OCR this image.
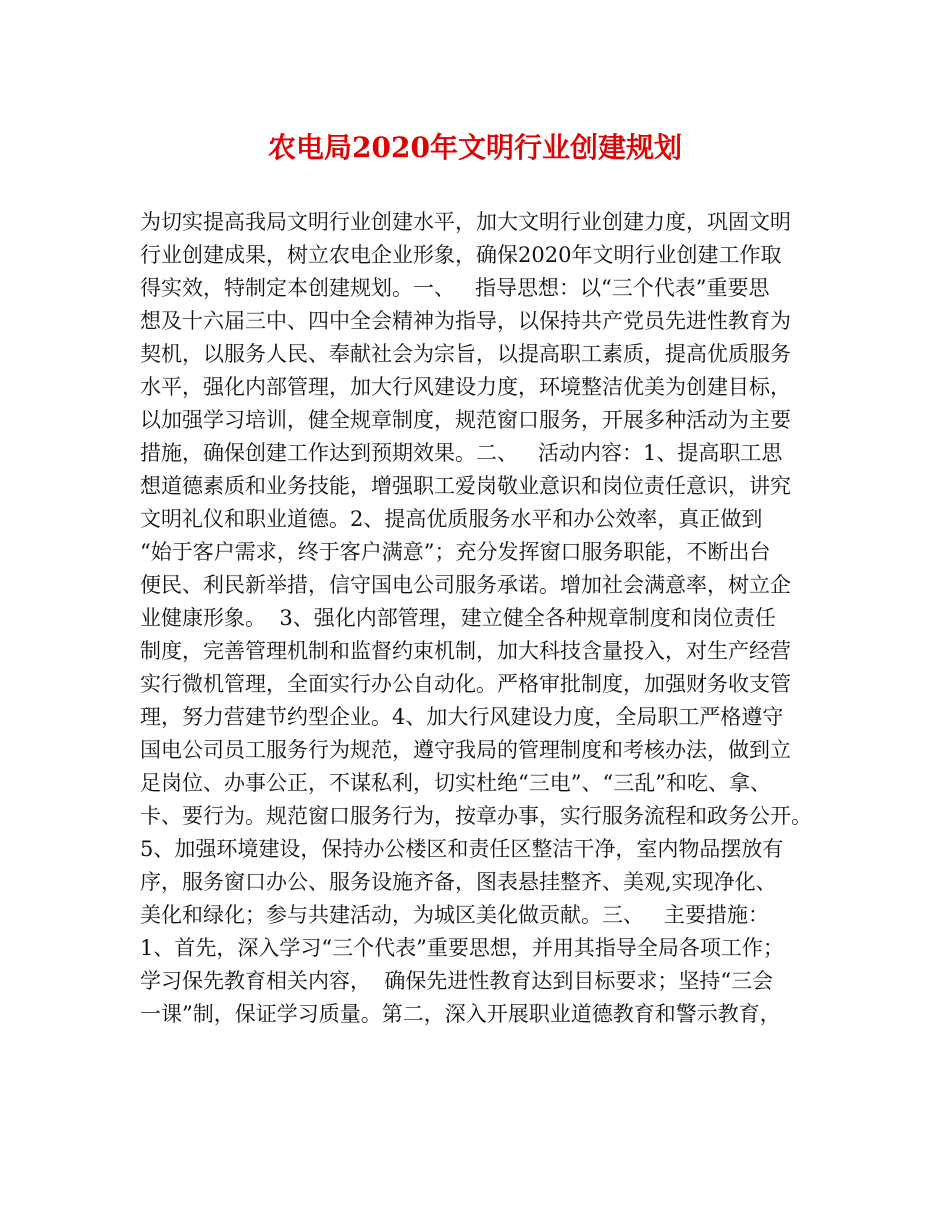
农电局2020年文明行业创建规划
为切实提高我局文明行业创建水平，加大文明行业创建力度，巩固文明
行业创建成果，树立农电企业形象，确保2020年文明行业创建工作取
得实效，特制定本创建规划。一、   指导思想：以“三个代表”重要思
想及十六届三中、四中全会精神为指导，以保持共产党员先进性教育为
契机，以服务人民、奉献社会为宗旨，以提高职工素质，提高优质服务
水平，强化内部管理，加大行风建设力度，环境整洁优美为创建目标，
以加强学习培训，健全规章制度，规范窗口服务，开展多种活动为主要
措施，确保创建工作达到预期效果。二、   活动内容：1、提高职工思
想道德素质和业务技能，增强职工爱岗敬业意识和岗位责任意识，讲究
文明礼仪和职业道德。2、提高优质服务水平和办公效率，真正做到
“始于客户需求，终于客户满意”；充分发挥窗口服务职能，不断出台
便民、利民新举措，信守国电公司服务承诺。增加社会满意率，树立企
业健康形象。  3、强化内部管理，建立健全各种规章制度和岗位责任
制度，完善管理机制和监督约束机制，加大科技含量投入，对生产经营
实行微机管理，全面实行办公自动化。严格审批制度，加强财务收支管
理，努力营建节约型企业。4、加大行风建设力度，全局职工严格遵守
国电公司员工服务行为规范，遵守我局的管理制度和考核办法，做到立
足岗位、办事公正，不谋私利，切实杜绝“三电”、“三乱”和吃、拿、
卡、要行为。规范窗口服务行为，按章办事，实行服务流程和政务公开。
5、加强环境建设，保持办公楼区和责任区整洁干净，室内物品摆放有
序，服务窗口办公、服务设施齐备，图表悬挂整齐、美观,实现净化、
美化和绿化；参与共建活动，为城区美化做贡献。三、   主要措施：
1、首先，深入学习“三个代表”重要思想，并用其指导全局各项工作；
学习保先教育相关内容，  确保先进性教育达到目标要求；坚持“三会
一课”制，保证学习质量。第二，深入开展职业道德教育和警示教育，
